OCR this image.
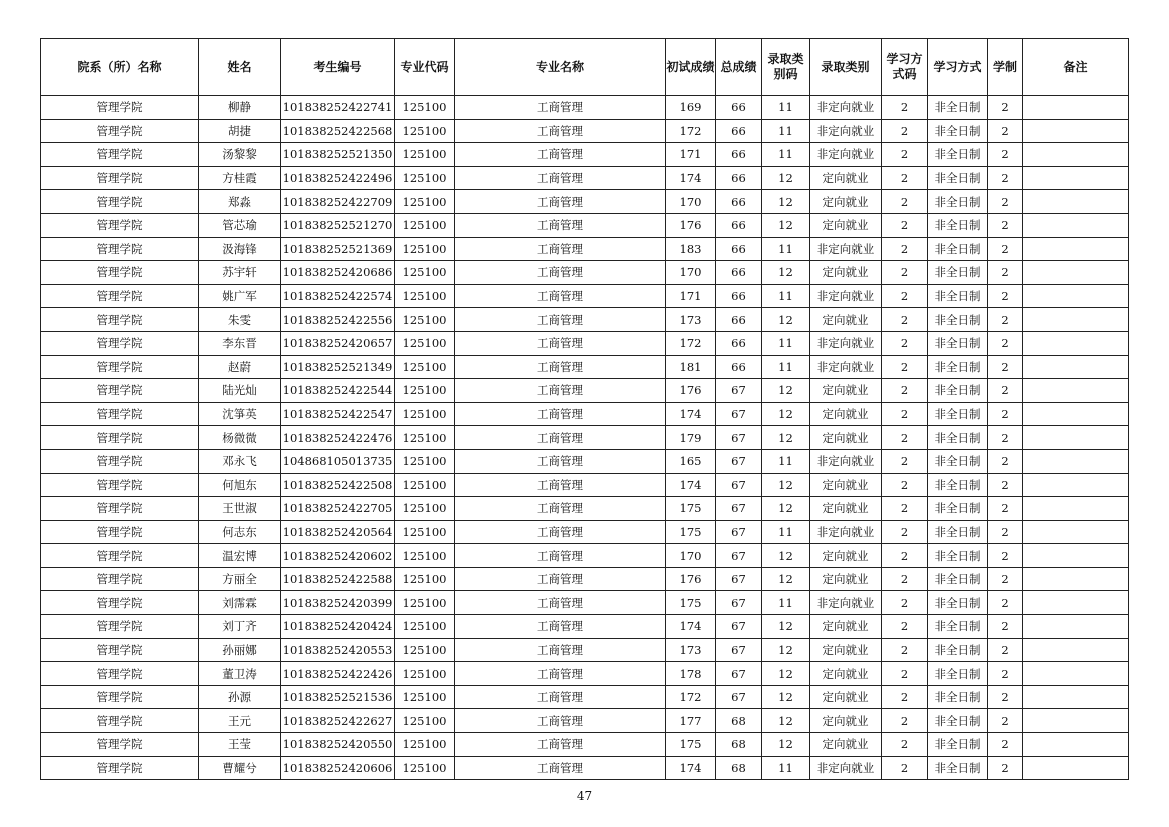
院系（所）名称	姓名	考生编号	专业代码	专业名称	初试成绩	总成绩	录取类别码	录取类别	学习方式码	学习方式	学制	备注
管理学院	柳静	101838252422741	125100	工商管理	169	66	11	非定向就业	2	非全日制	2	
管理学院	胡捷	101838252422568	125100	工商管理	172	66	11	非定向就业	2	非全日制	2	
管理学院	汤黎黎	101838252521350	125100	工商管理	171	66	11	非定向就业	2	非全日制	2	
管理学院	方桂霞	101838252422496	125100	工商管理	174	66	12	定向就业	2	非全日制	2	
管理学院	郑淼	101838252422709	125100	工商管理	170	66	12	定向就业	2	非全日制	2	
管理学院	管芯瑜	101838252521270	125100	工商管理	176	66	12	定向就业	2	非全日制	2	
管理学院	汲海锋	101838252521369	125100	工商管理	183	66	11	非定向就业	2	非全日制	2	
管理学院	苏宇轩	101838252420686	125100	工商管理	170	66	12	定向就业	2	非全日制	2	
管理学院	姚广军	101838252422574	125100	工商管理	171	66	11	非定向就业	2	非全日制	2	
管理学院	朱雯	101838252422556	125100	工商管理	173	66	12	定向就业	2	非全日制	2	
管理学院	李东晋	101838252420657	125100	工商管理	172	66	11	非定向就业	2	非全日制	2	
管理学院	赵蔚	101838252521349	125100	工商管理	181	66	11	非定向就业	2	非全日制	2	
管理学院	陆光灿	101838252422544	125100	工商管理	176	67	12	定向就业	2	非全日制	2	
管理学院	沈箏英	101838252422547	125100	工商管理	174	67	12	定向就业	2	非全日制	2	
管理学院	杨微微	101838252422476	125100	工商管理	179	67	12	定向就业	2	非全日制	2	
管理学院	邓永飞	104868105013735	125100	工商管理	165	67	11	非定向就业	2	非全日制	2	
管理学院	何旭东	101838252422508	125100	工商管理	174	67	12	定向就业	2	非全日制	2	
管理学院	王世淑	101838252422705	125100	工商管理	175	67	12	定向就业	2	非全日制	2	
管理学院	何志东	101838252420564	125100	工商管理	175	67	11	非定向就业	2	非全日制	2	
管理学院	温宏博	101838252420602	125100	工商管理	170	67	12	定向就业	2	非全日制	2	
管理学院	方丽全	101838252422588	125100	工商管理	176	67	12	定向就业	2	非全日制	2	
管理学院	刘霈霖	101838252420399	125100	工商管理	175	67	11	非定向就业	2	非全日制	2	
管理学院	刘丁齐	101838252420424	125100	工商管理	174	67	12	定向就业	2	非全日制	2	
管理学院	孙丽娜	101838252420553	125100	工商管理	173	67	12	定向就业	2	非全日制	2	
管理学院	董卫涛	101838252422426	125100	工商管理	178	67	12	定向就业	2	非全日制	2	
管理学院	孙源	101838252521536	125100	工商管理	172	67	12	定向就业	2	非全日制	2	
管理学院	王元	101838252422627	125100	工商管理	177	68	12	定向就业	2	非全日制	2	
管理学院	王莹	101838252420550	125100	工商管理	175	68	12	定向就业	2	非全日制	2	
管理学院	曹耀兮	101838252420606	125100	工商管理	174	68	11	非定向就业	2	非全日制	2	
47
